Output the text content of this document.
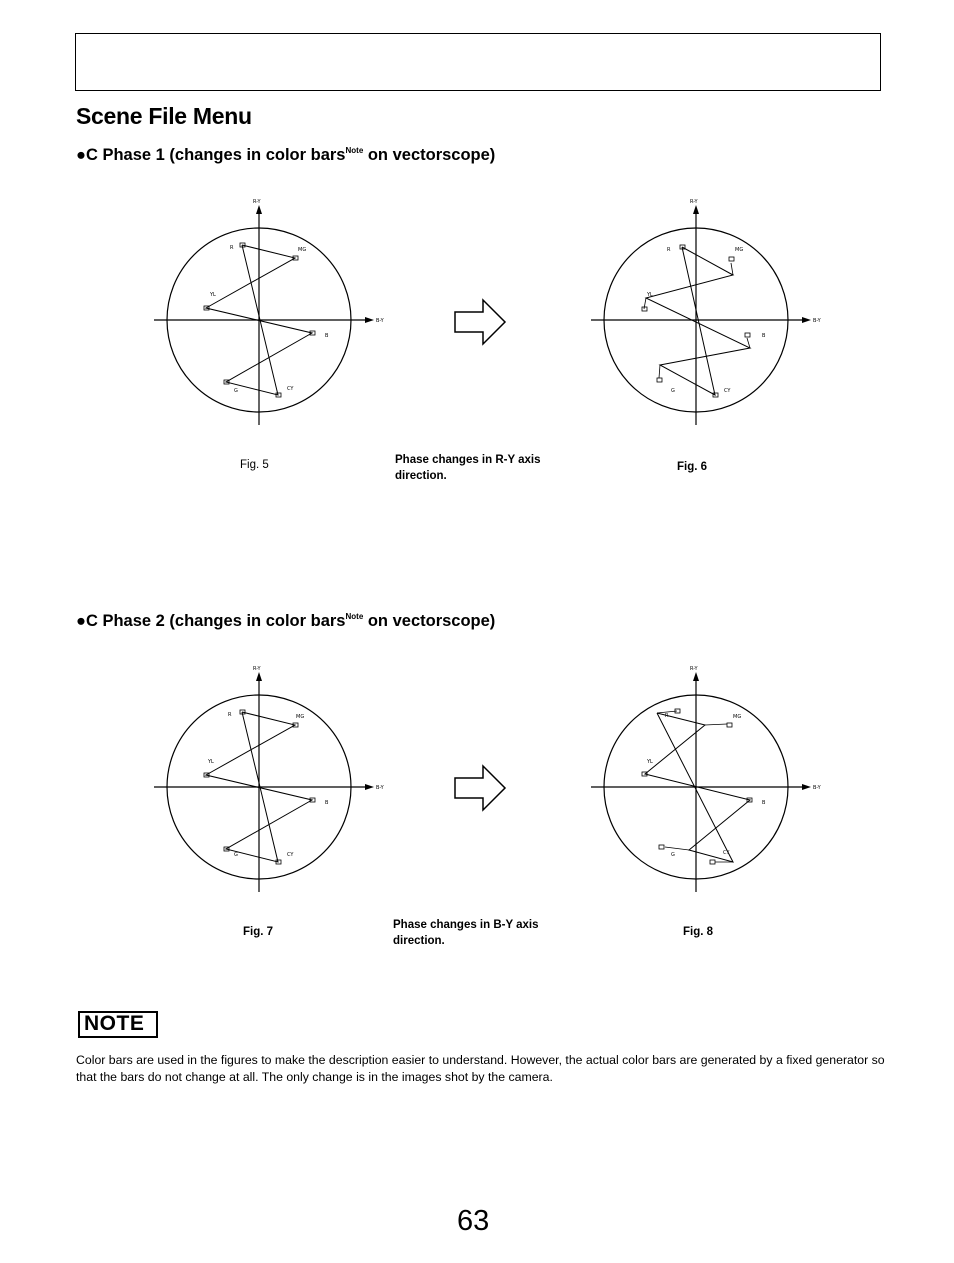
Scene File Menu
●C Phase 1 (changes in color bars$^{Note}$ on vectorscope)
R-Y
B-Y
R	MG
YL
B
G	CY
R-Y
B-Y
R	MG
YL
B
G	CY
Fig. 5	Phase changes in R-Y axis
direction.
Fig. 6
●C Phase 2 (changes in color bars$^{Note}$ on vectorscope)
R-Y
B-Y
R	MG
YL
B
G	CY
R-Y
B-Y
R	MG
YL
B
G	CY
Fig. 7
Phase changes in B-Y axis
direction.
Fig. 8
NOTE
Color bars are used in the figures to make the description easier to understand. However, the actual color bars are generated by a fixed generator so that the bars do not change at all. The only change is in the images shot by the camera.
63
